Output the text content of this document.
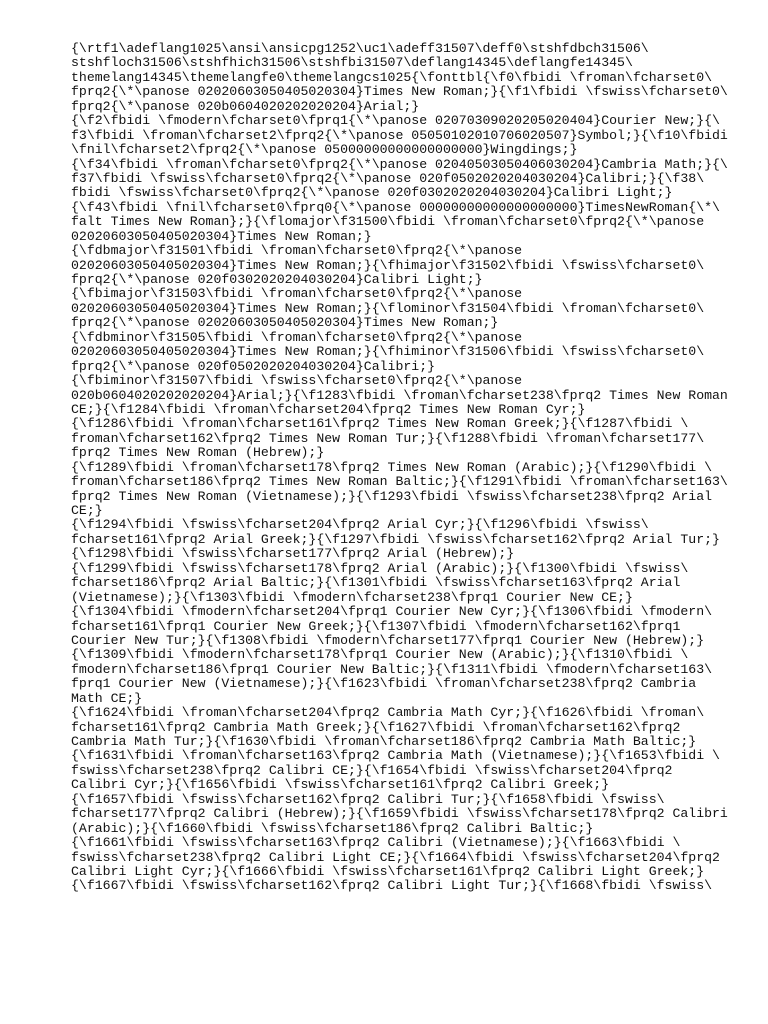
{\rtf1\adeflang1025\ansi\ansicpg1252\uc1\adeff31507\deff0\stshfdbch31506\
stshfloch31506\stshfhich31506\stshfbi31507\deflang14345\deflangfe14345\
themelang14345\themelangfe0\themelangcs1025{\fonttbl{\f0\fbidi \froman\fcharset0\
fprq2{\*\panose 02020603050405020304}Times New Roman;}{\f1\fbidi \fswiss\fcharset0\
fprq2{\*\panose 020b0604020202020204}Arial;}
{\f2\fbidi \fmodern\fcharset0\fprq1{\*\panose 02070309020205020404}Courier New;}{\
f3\fbidi \froman\fcharset2\fprq2{\*\panose 05050102010706020507}Symbol;}{\f10\fbidi
\fnil\fcharset2\fprq2{\*\panose 05000000000000000000}Wingdings;}
{\f34\fbidi \froman\fcharset0\fprq2{\*\panose 02040503050406030204}Cambria Math;}{\
f37\fbidi \fswiss\fcharset0\fprq2{\*\panose 020f0502020204030204}Calibri;}{\f38\
fbidi \fswiss\fcharset0\fprq2{\*\panose 020f0302020204030204}Calibri Light;}
{\f43\fbidi \fnil\fcharset0\fprq0{\*\panose 00000000000000000000}TimesNewRoman{\*\
falt Times New Roman};}{\flomajor\f31500\fbidi \froman\fcharset0\fprq2{\*\panose
02020603050405020304}Times New Roman;}
{\fdbmajor\f31501\fbidi \froman\fcharset0\fprq2{\*\panose
02020603050405020304}Times New Roman;}{\fhimajor\f31502\fbidi \fswiss\fcharset0\
fprq2{\*\panose 020f0302020204030204}Calibri Light;}
{\fbimajor\f31503\fbidi \froman\fcharset0\fprq2{\*\panose
02020603050405020304}Times New Roman;}{\flominor\f31504\fbidi \froman\fcharset0\
fprq2{\*\panose 02020603050405020304}Times New Roman;}
{\fdbminor\f31505\fbidi \froman\fcharset0\fprq2{\*\panose
02020603050405020304}Times New Roman;}{\fhiminor\f31506\fbidi \fswiss\fcharset0\
fprq2{\*\panose 020f0502020204030204}Calibri;}
{\fbiminor\f31507\fbidi \fswiss\fcharset0\fprq2{\*\panose
020b0604020202020204}Arial;}{\f1283\fbidi \froman\fcharset238\fprq2 Times New Roman
CE;}{\f1284\fbidi \froman\fcharset204\fprq2 Times New Roman Cyr;}
{\f1286\fbidi \froman\fcharset161\fprq2 Times New Roman Greek;}{\f1287\fbidi \
froman\fcharset162\fprq2 Times New Roman Tur;}{\f1288\fbidi \froman\fcharset177\
fprq2 Times New Roman (Hebrew);}
{\f1289\fbidi \froman\fcharset178\fprq2 Times New Roman (Arabic);}{\f1290\fbidi \
froman\fcharset186\fprq2 Times New Roman Baltic;}{\f1291\fbidi \froman\fcharset163\
fprq2 Times New Roman (Vietnamese);}{\f1293\fbidi \fswiss\fcharset238\fprq2 Arial
CE;}
{\f1294\fbidi \fswiss\fcharset204\fprq2 Arial Cyr;}{\f1296\fbidi \fswiss\
fcharset161\fprq2 Arial Greek;}{\f1297\fbidi \fswiss\fcharset162\fprq2 Arial Tur;}
{\f1298\fbidi \fswiss\fcharset177\fprq2 Arial (Hebrew);}
{\f1299\fbidi \fswiss\fcharset178\fprq2 Arial (Arabic);}{\f1300\fbidi \fswiss\
fcharset186\fprq2 Arial Baltic;}{\f1301\fbidi \fswiss\fcharset163\fprq2 Arial
(Vietnamese);}{\f1303\fbidi \fmodern\fcharset238\fprq1 Courier New CE;}
{\f1304\fbidi \fmodern\fcharset204\fprq1 Courier New Cyr;}{\f1306\fbidi \fmodern\
fcharset161\fprq1 Courier New Greek;}{\f1307\fbidi \fmodern\fcharset162\fprq1
Courier New Tur;}{\f1308\fbidi \fmodern\fcharset177\fprq1 Courier New (Hebrew);}
{\f1309\fbidi \fmodern\fcharset178\fprq1 Courier New (Arabic);}{\f1310\fbidi \
fmodern\fcharset186\fprq1 Courier New Baltic;}{\f1311\fbidi \fmodern\fcharset163\
fprq1 Courier New (Vietnamese);}{\f1623\fbidi \froman\fcharset238\fprq2 Cambria
Math CE;}
{\f1624\fbidi \froman\fcharset204\fprq2 Cambria Math Cyr;}{\f1626\fbidi \froman\
fcharset161\fprq2 Cambria Math Greek;}{\f1627\fbidi \froman\fcharset162\fprq2
Cambria Math Tur;}{\f1630\fbidi \froman\fcharset186\fprq2 Cambria Math Baltic;}
{\f1631\fbidi \froman\fcharset163\fprq2 Cambria Math (Vietnamese);}{\f1653\fbidi \
fswiss\fcharset238\fprq2 Calibri CE;}{\f1654\fbidi \fswiss\fcharset204\fprq2
Calibri Cyr;}{\f1656\fbidi \fswiss\fcharset161\fprq2 Calibri Greek;}
{\f1657\fbidi \fswiss\fcharset162\fprq2 Calibri Tur;}{\f1658\fbidi \fswiss\
fcharset177\fprq2 Calibri (Hebrew);}{\f1659\fbidi \fswiss\fcharset178\fprq2 Calibri
(Arabic);}{\f1660\fbidi \fswiss\fcharset186\fprq2 Calibri Baltic;}
{\f1661\fbidi \fswiss\fcharset163\fprq2 Calibri (Vietnamese);}{\f1663\fbidi \
fswiss\fcharset238\fprq2 Calibri Light CE;}{\f1664\fbidi \fswiss\fcharset204\fprq2
Calibri Light Cyr;}{\f1666\fbidi \fswiss\fcharset161\fprq2 Calibri Light Greek;}
{\f1667\fbidi \fswiss\fcharset162\fprq2 Calibri Light Tur;}{\f1668\fbidi \fswiss\
